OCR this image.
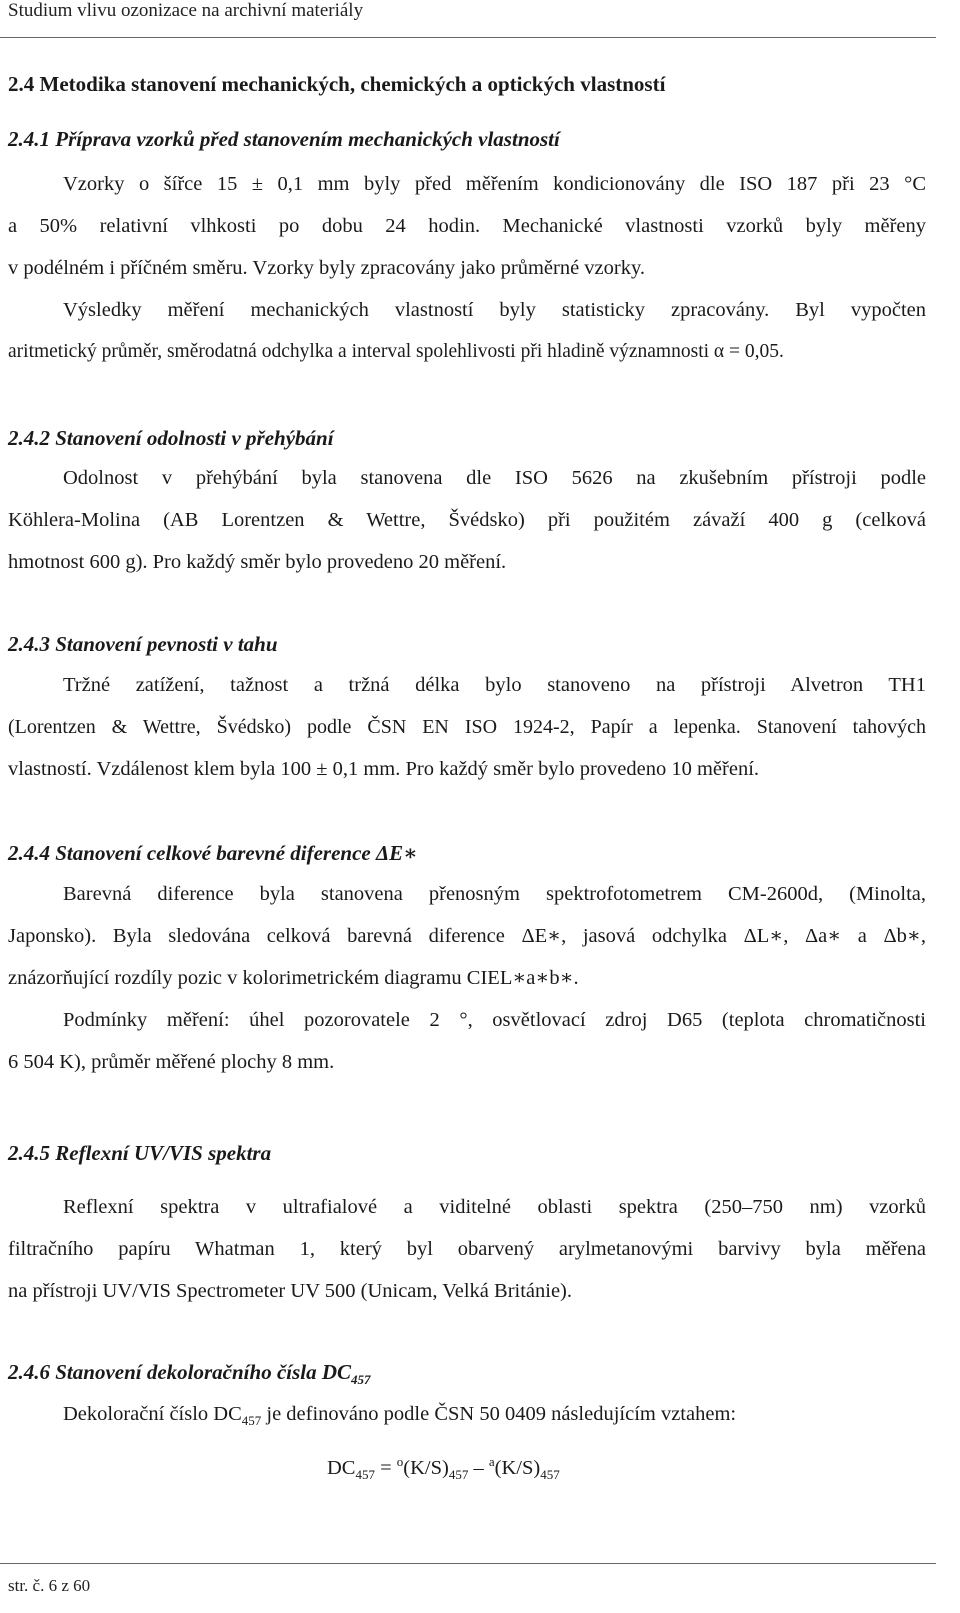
Studium vlivu ozonizace na archivní materiály
2.4 Metodika stanovení mechanických, chemických a optických vlastností
2.4.1 Příprava vzorků před stanovením mechanických vlastností
Vzorky o šířce 15 ± 0,1 mm byly před měřením kondicionovány dle ISO 187 při 23 °C
a 50% relativní vlhkosti po dobu 24 hodin. Mechanické vlastnosti vzorků byly měřeny
v podélném i příčném směru. Vzorky byly zpracovány jako průměrné vzorky.
Výsledky měření mechanických vlastností byly statisticky zpracovány. Byl vypočten
aritmetický průměr, směrodatná odchylka a interval spolehlivosti při hladině významnosti α = 0,05.
2.4.2 Stanovení odolnosti v přehýbání
Odolnost v přehýbání byla stanovena dle ISO 5626 na zkušebním přístroji podle
Köhlera-Molina (AB Lorentzen & Wettre, Švédsko) při použitém závaží 400 g (celková
hmotnost 600 g). Pro každý směr bylo provedeno 20 měření.
2.4.3 Stanovení pevnosti v tahu
Tržné zatížení, tažnost a tržná délka bylo stanoveno na přístroji Alvetron TH1
(Lorentzen & Wettre, Švédsko) podle ČSN EN ISO 1924-2, Papír a lepenka. Stanovení tahových
vlastností. Vzdálenost klem byla 100 ± 0,1 mm. Pro každý směr bylo provedeno 10 měření.
2.4.4 Stanovení celkové barevné diference ΔE∗
Barevná diference byla stanovena přenosným spektrofotometrem CM-2600d, (Minolta,
Japonsko). Byla sledována celková barevná diference ΔE∗, jasová odchylka ΔL∗, Δa∗ a Δb∗,
znázorňující rozdíly pozic v kolorimetrickém diagramu CIEL∗a∗b∗.
Podmínky měření: úhel pozorovatele 2 °, osvětlovací zdroj D65 (teplota chromatičnosti
6 504 K), průměr měřené plochy 8 mm.
2.4.5 Reflexní UV/VIS spektra
Reflexní spektra v ultrafialové a viditelné oblasti spektra (250–750 nm) vzorků
filtračního papíru Whatman 1, který byl obarvený arylmetanovými barvivy byla měřena
na přístroji UV/VIS Spectrometer UV 500 (Unicam, Velká Británie).
2.4.6 Stanovení dekoloračního čísla $DC_{457}$
Dekolorační číslo $DC_{457}$ je definováno podle ČSN 50 0409 následujícím vztahem:
$DC_{457} = ^o(K/S)_{457} - ^a(K/S)_{457}$
str. č. 6 z 60
